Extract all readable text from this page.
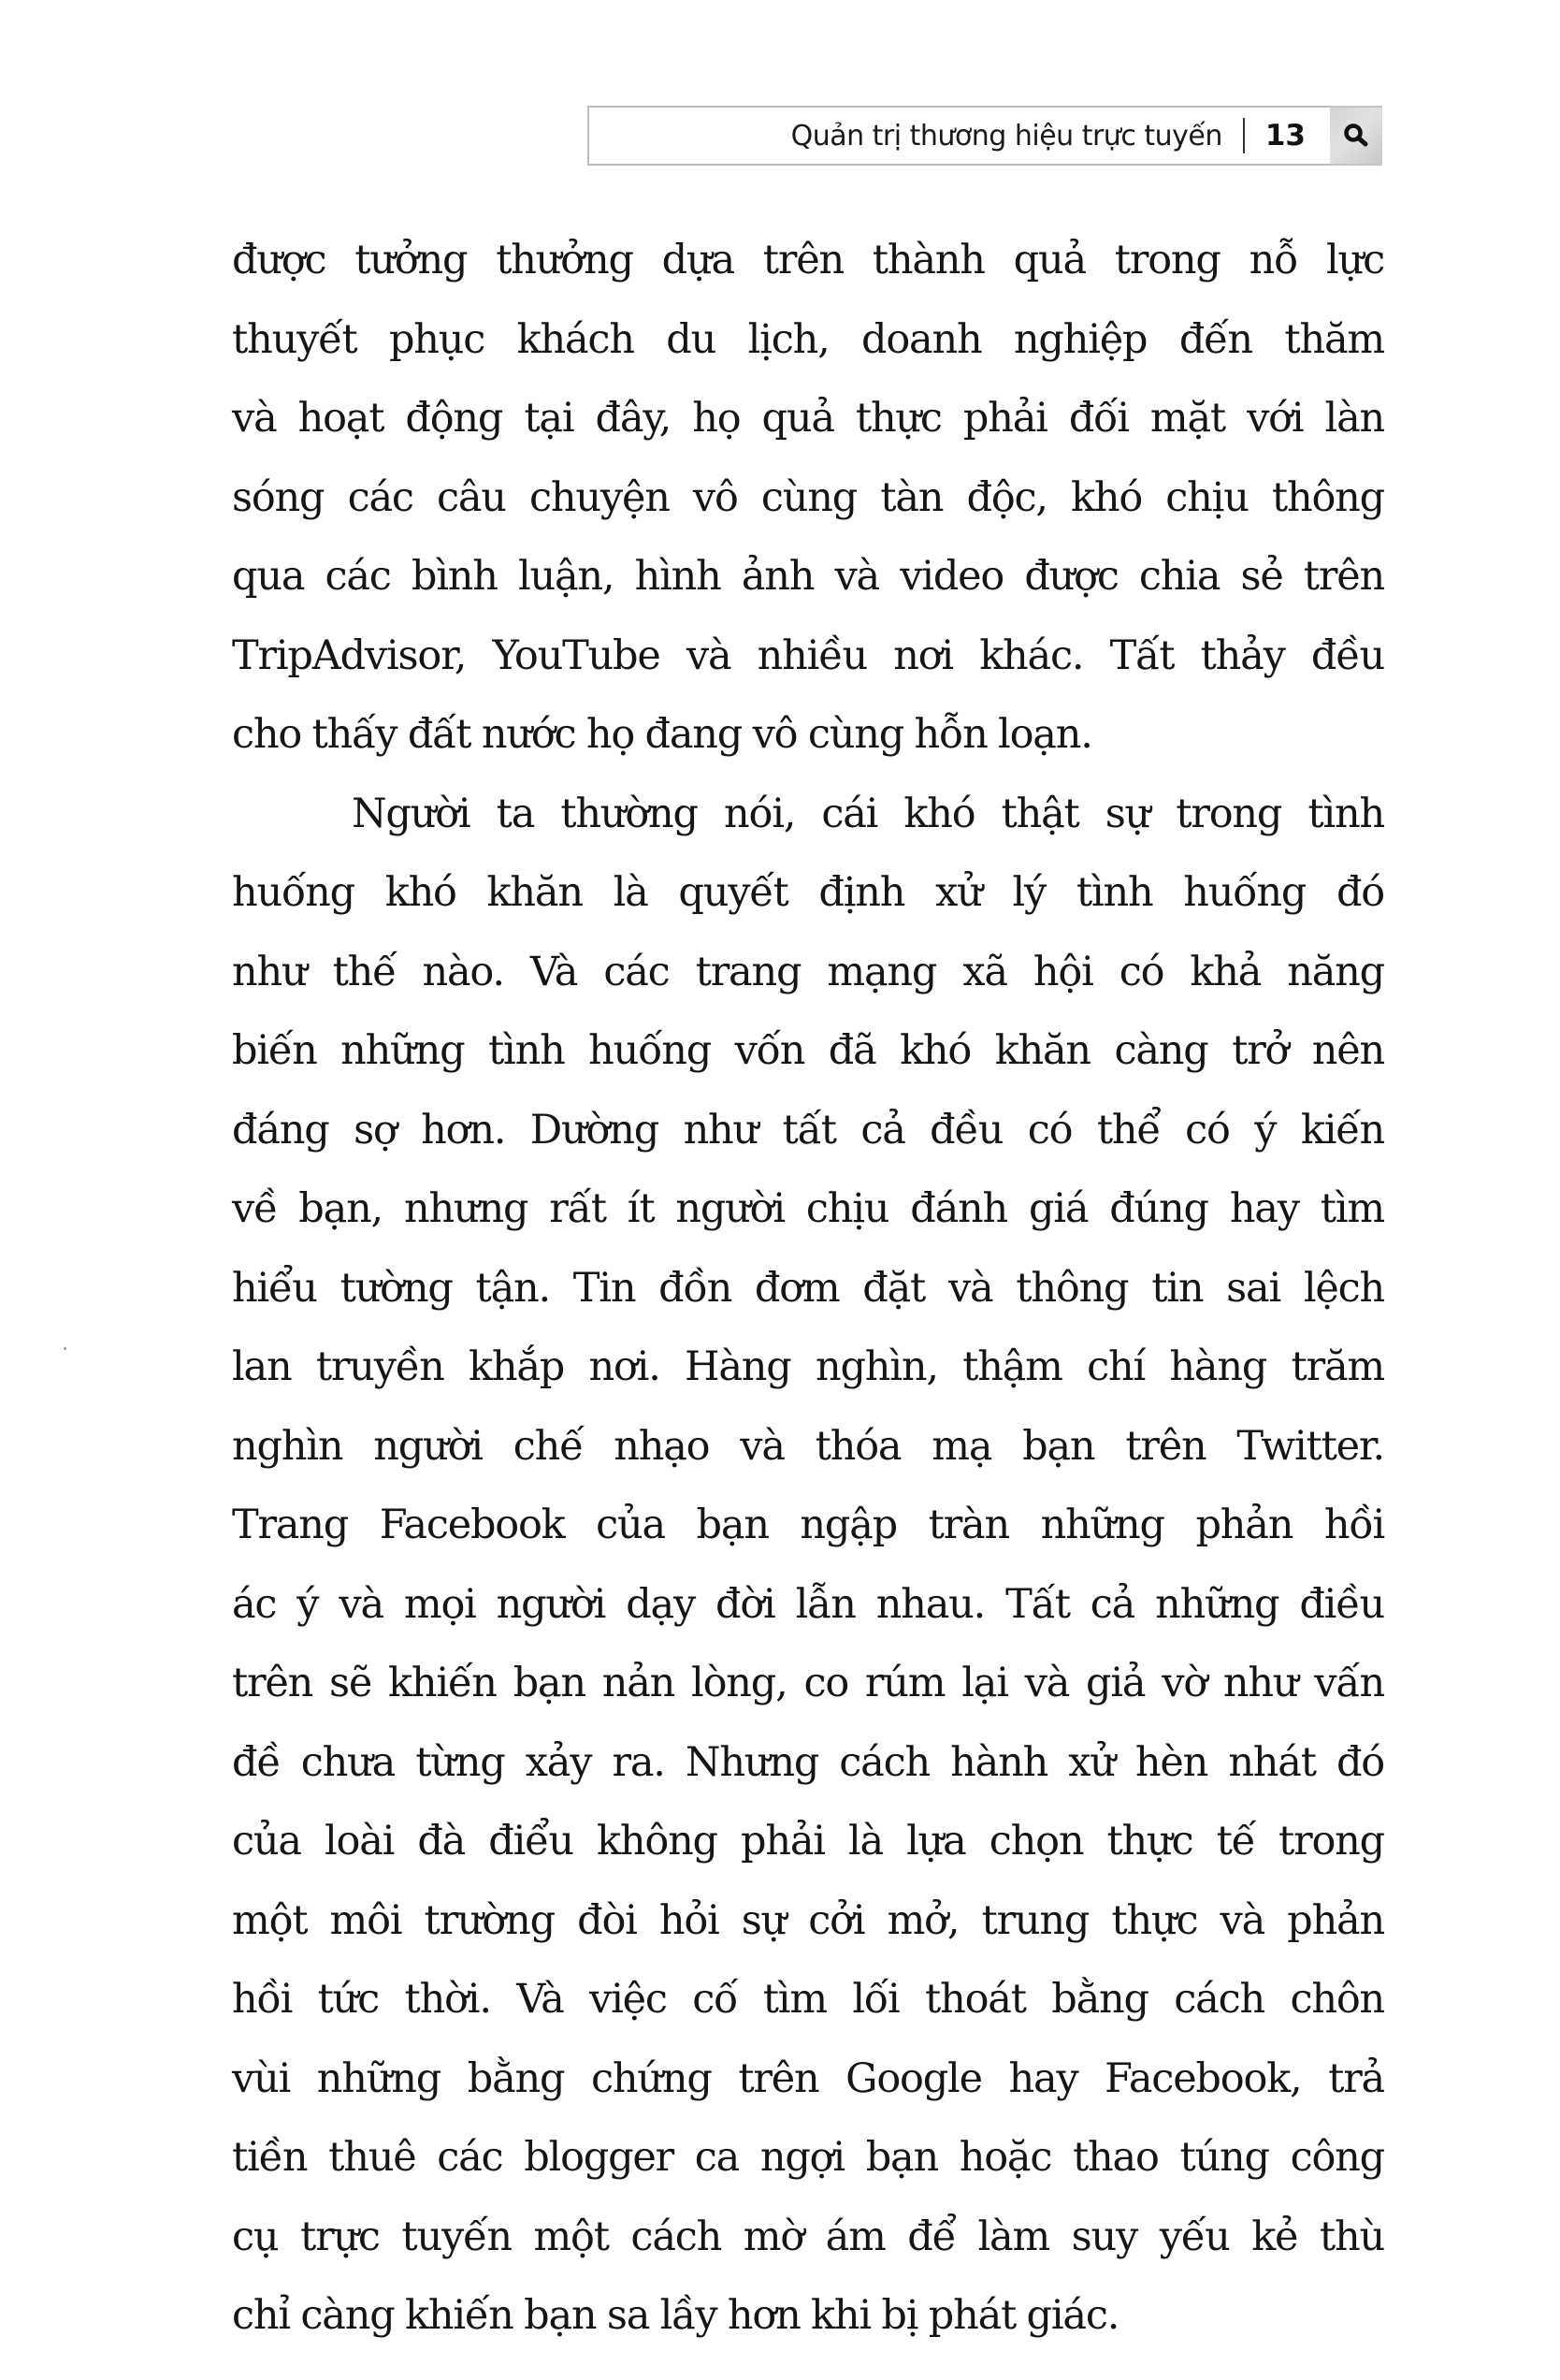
Quản trị thương hiệu trực tuyến 13

được tưởng thưởng dựa trên thành quả trong nỗ lực
thuyết phục khách du lịch, doanh nghiệp đến thăm
và hoạt động tại đây, họ quả thực phải đối mặt với làn
sóng các câu chuyện vô cùng tàn độc, khó chịu thông
qua các bình luận, hình ảnh và video được chia sẻ trên
TripAdvisor, YouTube và nhiều nơi khác. Tất thảy đều
cho thấy đất nước họ đang vô cùng hỗn loạn.

Người ta thường nói, cái khó thật sự trong tình
huống khó khăn là quyết định xử lý tình huống đó
như thế nào. Và các trang mạng xã hội có khả năng
biến những tình huống vốn đã khó khăn càng trở nên
đáng sợ hơn. Dường như tất cả đều có thể có ý kiến
về bạn, nhưng rất ít người chịu đánh giá đúng hay tìm
hiểu tường tận. Tin đồn đơm đặt và thông tin sai lệch
lan truyền khắp nơi. Hàng nghìn, thậm chí hàng trăm
nghìn người chế nhạo và thóa mạ bạn trên Twitter.
Trang Facebook của bạn ngập tràn những phản hồi
ác ý và mọi người dạy đời lẫn nhau. Tất cả những điều
trên sẽ khiến bạn nản lòng, co rúm lại và giả vờ như vấn
đề chưa từng xảy ra. Nhưng cách hành xử hèn nhát đó
của loài đà điểu không phải là lựa chọn thực tế trong
một môi trường đòi hỏi sự cởi mở, trung thực và phản
hồi tức thời. Và việc cố tìm lối thoát bằng cách chôn
vùi những bằng chứng trên Google hay Facebook, trả
tiền thuê các blogger ca ngợi bạn hoặc thao túng công
cụ trực tuyến một cách mờ ám để làm suy yếu kẻ thù
chỉ càng khiến bạn sa lầy hơn khi bị phát giác.
